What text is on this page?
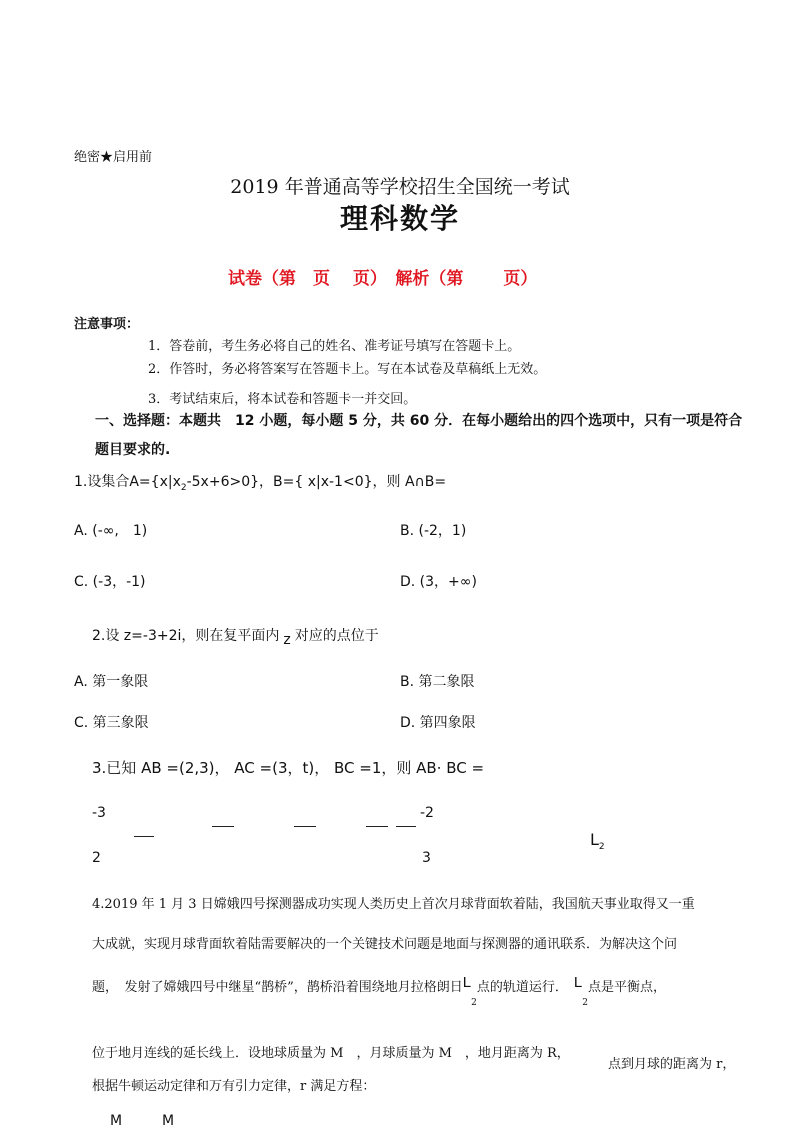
绝密★启用前
2019 年普通高等学校招生全国统一考试
理科数学
试卷（第　页　 页）　解析（第　　 页）
注意事项：
1．答卷前，考生务必将自己的姓名、准考证号填写在答题卡上。
2．作答时，务必将答案写在答题卡上。写在本试卷及草稿纸上无效。
3．考试结束后，将本试卷和答题卡一并交回。
一、选择题：本题共　12 小题，每小题 5 分，共 60 分．在每小题给出的四个选项中，只有一项是符合
题目要求的.
1.设集合$A=\{x|x_2-5x+6>0\}$，B={ x|x-1<0}，则 A∩B=
A. (-∞,　1)	B. (-2，1)
C. (-3，-1)	D. (3，+∞)
2.设 z=-3+2i，则在复平面内 z 对应的点位于
A. 第一象限	B. 第二象限
C. 第三象限	D. 第四象限
3.已知 AB =(2,3)， AC =(3，t)， BC =1，则 AB⋅ BC =
-3
2
-2
3
$L_2$
4.2019 年 1 月 3 日嫦娥四号探测器成功实现人类历史上首次月球背面软着陆，我国航天事业取得又一重
大成就，实现月球背面软着陆需要解决的一个关键技术问题是地面与探测器的通讯联系．为解决这个问
题，　发射了嫦娥四号中继星“鹊桥”，鹊桥沿着围绕地月拉格朗日$L_2$点的轨道运行． $L_2$点是平衡点，
位于地月连线的延长线上．设地球质量为 M　，月球质量为 M　，地月距离为 R，
点到月球的距离为 r，
根据牛顿运动定律和万有引力定律，r 满足方程：
M	M
